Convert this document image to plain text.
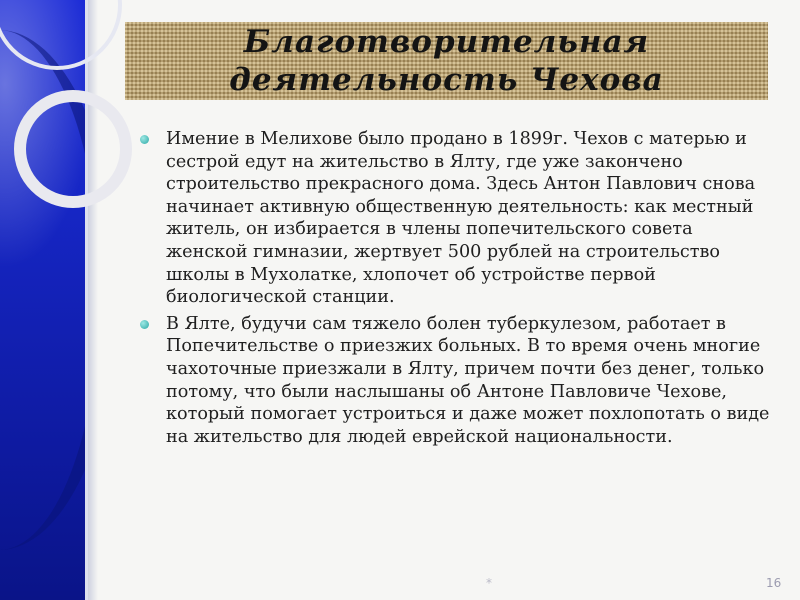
Благотворительная
деятельность Чехова
Имение в Мелихове было продано в 1899г. Чехов с матерью и сестрой едут на жительство в Ялту, где уже закончено строительство прекрасного дома. Здесь Антон Павлович снова начинает активную общественную деятельность: как местный житель, он избирается в члены попечительского совета женской гимназии, жертвует 500 рублей на строительство школы в Мухолатке, хлопочет об устройстве первой биологической станции.
В Ялте, будучи сам тяжело болен туберкулезом, работает в Попечительстве о приезжих больных. В то время очень многие чахоточные приезжали в Ялту, причем почти без денег, только потому, что были наслышаны об Антоне Павловиче Чехове, который помогает устроиться и даже может похлопотать о виде на жительство для людей еврейской национальности.
*	16
